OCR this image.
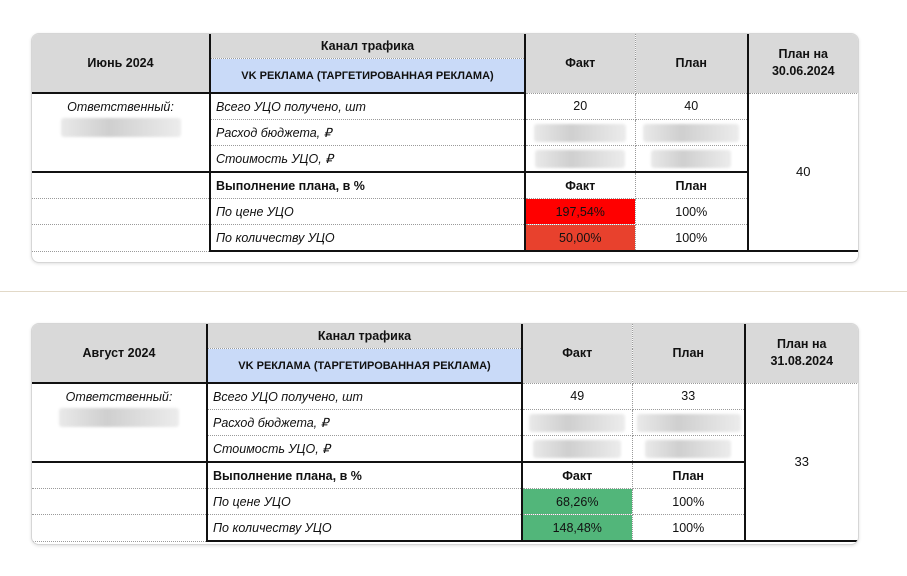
Июнь 2024	Канал трафика	Факт	План	План на
30.06.2024

	VK РЕКЛАМА (ТАРГЕТИРОВАННАЯ РЕКЛАМА)			

Ответственный:	Всего УЦО получено, шт	20	40	40
	Расход бюджета, ₽			
	Стоимость УЦО, ₽			
	Выполнение плана, в %	Факт	План	
	По цене УЦО	197,54%	100%	
	По количеству УЦО	50,00%	100%	
Август 2024	Канал трафика	Факт	План	План на
31.08.2024

	VK РЕКЛАМА (ТАРГЕТИРОВАННАЯ РЕКЛАМА)			

Ответственный:	Всего УЦО получено, шт	49	33	33
	Расход бюджета, ₽			
	Стоимость УЦО, ₽			
	Выполнение плана, в %	Факт	План	
	По цене УЦО	68,26%	100%	
	По количеству УЦО	148,48%	100%	
